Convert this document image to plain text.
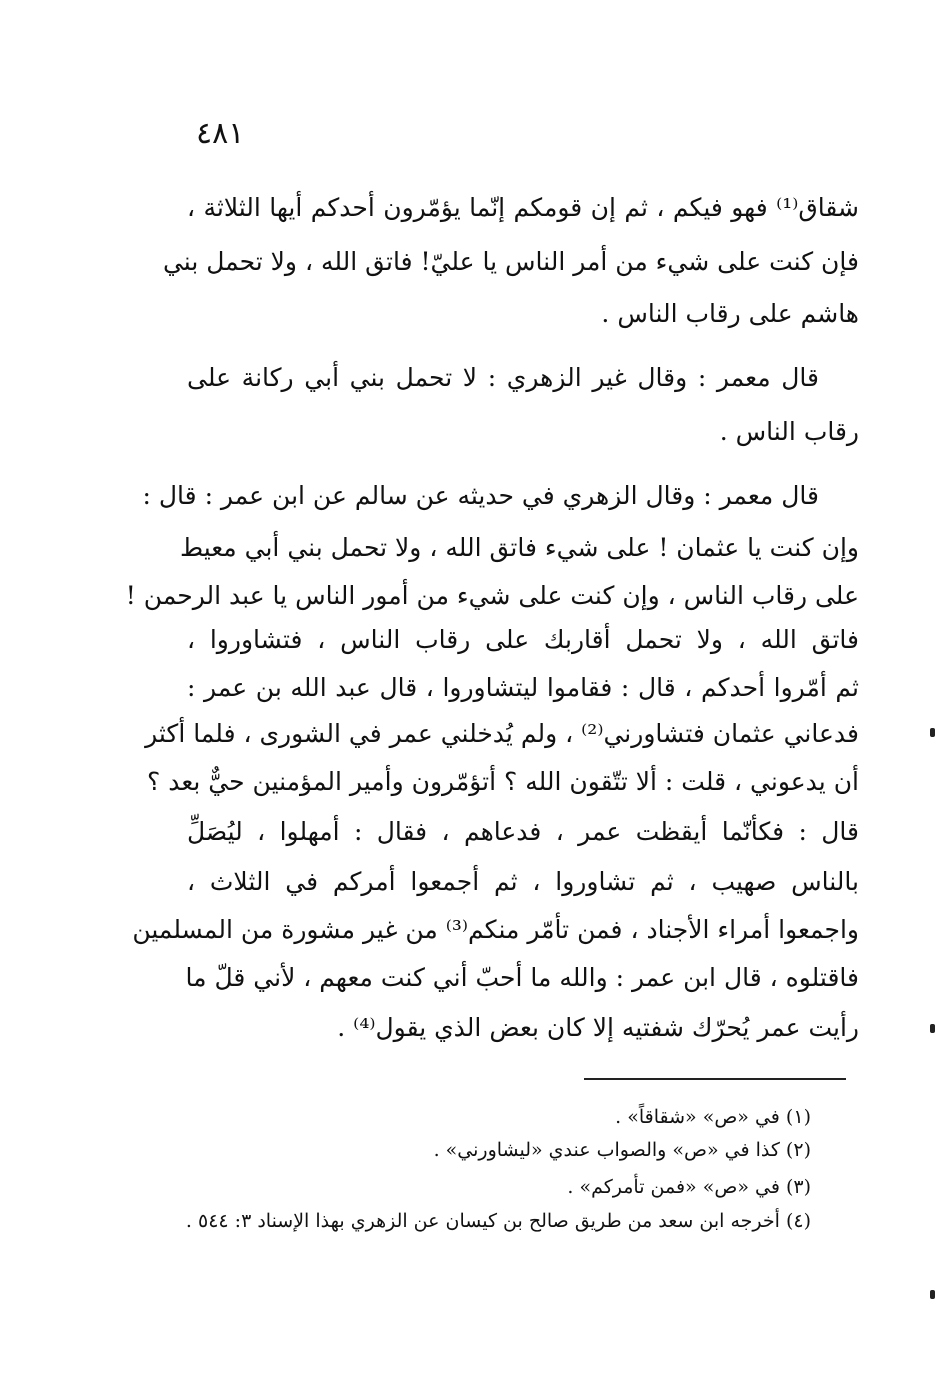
٤٨١
شقاق⁽¹⁾ فهو فيكم ، ثم إن قومكم إنّما يؤمّرون أحدكم أيها الثلاثة ،
فإن كنت على شيء من أمر الناس يا عليّ! فاتق الله ، ولا تحمل بني
هاشم على رقاب الناس .
قال معمر : وقال غير الزهري : لا تحمل بني أبي ركانة على
رقاب الناس .
قال معمر : وقال الزهري في حديثه عن سالم عن ابن عمر : قال :
وإن كنت يا عثمان ! على شيء فاتق الله ، ولا تحمل بني أبي معيط
على رقاب الناس ، وإن كنت على شيء من أمور الناس يا عبد الرحمن !
فاتق الله ، ولا تحمل أقاربك على رقاب الناس ، فتشاوروا ،
ثم أمّروا أحدكم ، قال : فقاموا ليتشاوروا ، قال عبد الله بن عمر :
فدعاني عثمان فتشاورني⁽²⁾ ، ولم يُدخلني عمر في الشورى ، فلما أكثر
أن يدعوني ، قلت : ألا تتّقون الله ؟ أتؤمّرون وأمير المؤمنين حيٌّ بعد ؟
قال : فكأنّما أيقظت عمر ، فدعاهم ، فقال : أمهلوا ، ليُصَلِّ
بالناس صهيب ، ثم تشاوروا ، ثم أجمعوا أمركم في الثلاث ،
واجمعوا أمراء الأجناد ، فمن تأمّر منكم⁽³⁾ من غير مشورة من المسلمين
فاقتلوه ، قال ابن عمر : والله ما أحبّ أني كنت معهم ، لأني قلّ ما
رأيت عمر يُحرّك شفتيه إلا كان بعض الذي يقول⁽⁴⁾ .
(١) في «ص» «شقاقاً» .
(٢) كذا في «ص» والصواب عندي «ليشاورني» .
(٣) في «ص» «فمن تأمركم» .
(٤) أخرجه ابن سعد من طريق صالح بن كيسان عن الزهري بهذا الإسناد ٣: ٥٤٤ .
